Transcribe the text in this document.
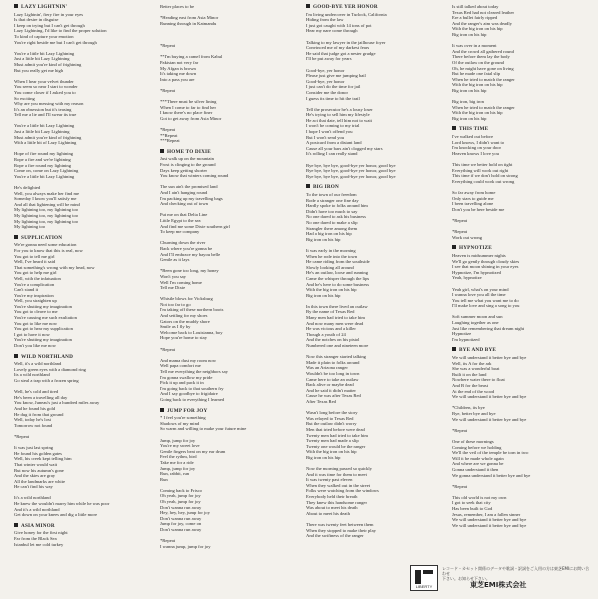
LAZY LIGHTNIN'
Lazy Lightnin', fiery fire in your eyes
Is that desire in disguise
I keep on trying but I can't get through
Lazy Lightning, I'd like to find the proper solution
To kind of capture your emotion
You're right beside me but I can't get through

You're a little bit Lazy Lightning
Just a little bit Lazy Lightning
Must admit you're kind of frightning
But you really get me high

When I hear your velvet thunder
You seem so near I start to wonder
You come closer if I asked you to
So exciting
Why are you messing with my reason
It's an obsession but it's teasing
Tell me a lie and I'll swear its true

You're a little bit Lazy Lightning
Just a little bit Lazy Lightning
Must admit you're kind of frightning
With a little bit of Lazy Lightning

Hope of fire round my lightning
Rope a fire and we're lightning
Rope a fire round my lightning
Come on, come on Lazy Lightning
You're a little bit Lazy Lightning

He's delighted
Well, you always make her find me
Someday I know you'll satisfy me
And all that lightening will be mind
My lightning too, my lightning too
My lightning too, my lightning too
My lightning too, my lightning too
My lightning too
SUPPLICATION
We're gonna need some education
For you to know that this is real, now
You got to tell me girl
Well, I've heard it said
That something's wrong with my head, now
You got to help me girl
Well, with the infatuation
You're a complication
Can't stand it
You're my inspiration
Well, you straighten up
You're shutting my imagination
You got to cleave to me
You're causing me such exultation
You got to like me now
You got to hear my supplication
I got to have it now
You're shutting my imagination
Don't you like me now
WILD NORTHLAND
Well, it's a wild northland
Lovely green eyes with a diamond ring
Its a wild northland
Go steal a trap with a frozen spring

Well, he's cold and tired
He's been a travelling all day
You know, Juneau's just a hundred miles away
And he found his gold
He dug it from that ground
Well, today he's lost
Tomorrow not found

*Repeat

It was just last spring
He found his golden gates
Well, his creek kept telling him
That winter would wait
But now his autumn's gone
And the skies are gray
All the landmarks are white
He can't find his way

It's a wild northland
He knew the wouldn't marry him while he was poor
And it's a wild northland
Get down on your knees and dig a little more
ASIA MINOR
Give honey for the first night
Far from the Black Sea
Istanbul let me cold turkey
Better places to be

*Heading east from Asia Minor
Running through in Katmandu

*Repeat

**I'm buying a camel from Kabul
Pakistan not very far
My Afgan is brown
It's taking me down
Into a pass you are

*Repeat

***There must be silver lining
When I come to far to find her
I know there's no place finer
Got to get away from Asia Minor

*Repeat
**Repeat
***Repeat
HOME TO DIXIE
Just walk up on the mountain
Frost is clinging to the ground
Days keep getting shorter
You know that winters coming round

The sun ain't the promised land
And I ain't hanging round
I'm packing up my travelling bags
And checking out of town

Put me on that Delta Line
Little Egypt to the sea
And find me some Dixie southern girl
To keep me company

Churning down the river
Back where you're gonna be
And I'll embrace my bayou belle
Gentle as it lays

*Been gone too long, my honey
Won't you say
Well I'm coming home
Tell me Dixie

Whistle blows for Vicksburg
Not too far to go
I'm taking off these northern boots
And settling for my shoes
Gators on the muddy shore
Smile as I fly by
Welcome back to Louisianna, boy
Hope you're home to stay

*Repeat

And mama dust my room now
Well papa comfort me
Tell me everything the neighbors say
I'm gonna swallow my pride
Pick it up and pack it in
I'm going back to that southern fry
And I say goodbye to frigidaire
Going back to everything I learned
JUMP FOR JOY
* I feel you're something
Shadows of my mind
So warm and willing to make your future mine

Jump, jump for joy
You're my sweet love
Gentle fingers beat on my ear drum
Feel the rythm, bird
Take me for a ride
Jump, jump for joy
Run, rabbit, run
Run

Coming back to Frisco
Oh yeah, jump for joy
Oh yeah, jump for joy
Don't wanna run away
Hey, hey, hey, jump for joy
Don't wanna run away
Jump for joy, come on
Don't wanna run away

*Repeat
I wanna jump, jump for joy
GOOD-BYE YER HONOR
I'm living undercover in Turlock, California
Hiding from the law
I just got caught with 14 tons of pot
Hear my nare come through

Talking to my lawyer in the jailhouse foyer
Convinced me of my darkest fears
He said that judge got a nester grudge
I'll be put away for years

Good-bye, yer honor
Please just give me jumping bail
Good-bye, yer honor
I just can't do the time for jail
Consider me the donor
I guess its time to hit the trail

Tell the prosecutor he's a lousy loser
He's trying to sell him my lifestyle
He act that date, tell him not to wait
I won't be coming to my trial
I hope I won't offend you
But I won't send you
A postcard from a distant land
Cause all your bars ain't clogged my stars
It's rolling I can really stand

Bye bye, bye bye, good-bye yer honor, good bye
Bye bye, bye bye, good-bye yer honor, good bye
Bye bye, bye bye, good-bye yer honor, good bye
BIG IRON
To the town of our freedom
Rode a stranger one fine day
Hardly spoke to folks around him
Didn't have too much to say
No one dared to ask his business
No one dared to make a slip
Strangler there among them
Had a big iron on his hip
Big iron on his hip

It was early in the morning
When he rode into the town
He came riding from the southside
Slowly looking all around
He's an outlaw, loose and running
Came the whisper through the lips
And he's here to do some business
With the big iron on his hip
Big iron on his hip

In this town there lived an outlaw
By the name of Texas Red
Many men had tried to take him
And now many men were dead
He was vicious and a killer
Though a youth of 24
And the notches on his pistol
Numbered one and nineteen more

Now this stranger started talking
Made it plain to folks around
Was an Arizona ranger
Wouldn't be too long in town
Came here to take an outlaw
Back alive or maybe dead
And he said it didn't matter
Cause he was after Texas Red
After Texas Red

Wasn't long before the story
Was relayed to Texas Red
But the outlaw didn't worry
Men that tried before were dead
Twenty men had tried to take him
Twenty men had made a slip
Twenty one would be the ranger
With the big iron on his hip
Big iron on his hip

Now the morning passed so quickly
And it was time for them to meet
It was twenty past eleven
When they walked out in the street
Folks were watching from the windows
Everybody held their breath
They knew this handsome ranger
Was about to meet his death
About to meet his death

There was twenty feet between them
When they stopped to make their play
And the swiftness of the ranger
Is still talked about today
Texas Red had not cleared leather
Ere a bullet fairly ripped
And the ranger's aim was deadly
With the big iron on his hip
Big iron on his hip

It was over in a moment
And the crowd all gathered round
There before them lay the body
Of the outlaw on the ground
Oh, he might have gone on living
But he made one fatal slip
When he tried to match the ranger
With the big iron on his hip
Big iron on his hip

Big iron, big iron
When he tried to match the ranger
With the big iron on his hip
Big iron on his hip
THIS TIME
I've walked out before
Lord knows, I didn't want to
I'm knocking on your door
Heaven knows I love you

This time we better hold on tight
Everything will work out right
This time if we don't hold on strong
Everything could work out wrong

So far away from home
Only stars to guide me
I been travelling alone
Don't you be here beside me

*Repeat

*Repeat
Work out wrong
HYPNOTIZE
Heaven is midsummer nights
We'll go gently through cloudy skies
I see that moon shining in your eyes
Hypnotize, I'm hypnotized
Yeah, hypnotize

Yeah girl, what's on your mind
I wanna love you all the time
You tell me what you want me to do
I'll make love and sing a song to you

Soft summer moon and sun
Laughing together as one
Just like remembering that dream night
Hypnotize
I'm hypnotized
BYE AND BYE
We will understand it better bye and bye
Well, its A for the ark
She was a wonderful boat
Built it on the land
Nowhere water there to float
And B for the beast
At the end of the wood
We will understand it better bye and bye

*Children, its bye
Bye, better bye and bye
We will understand it better bye and bye

*Repeat

One of these mornings
Coming before we holding
We'll the veil of the temple be torn in two
Will it be made whole again
And where are we gonna be
Gonna understand it then
We gonna understand it better bye and bye

*Repeat

This old world is not my own
I got to seek that city
Has been built to God
Jesus, remember, I am a fallen sinner
We will understand it better bye and bye
We will understand it better bye and bye
LIBERTY
レコード・カセット関係のデータや歌詞・訳詞をご入用の方は東芝EMIにお問い合わせ
下さい。お知らせ下さい。
東芝EMI株式会社
